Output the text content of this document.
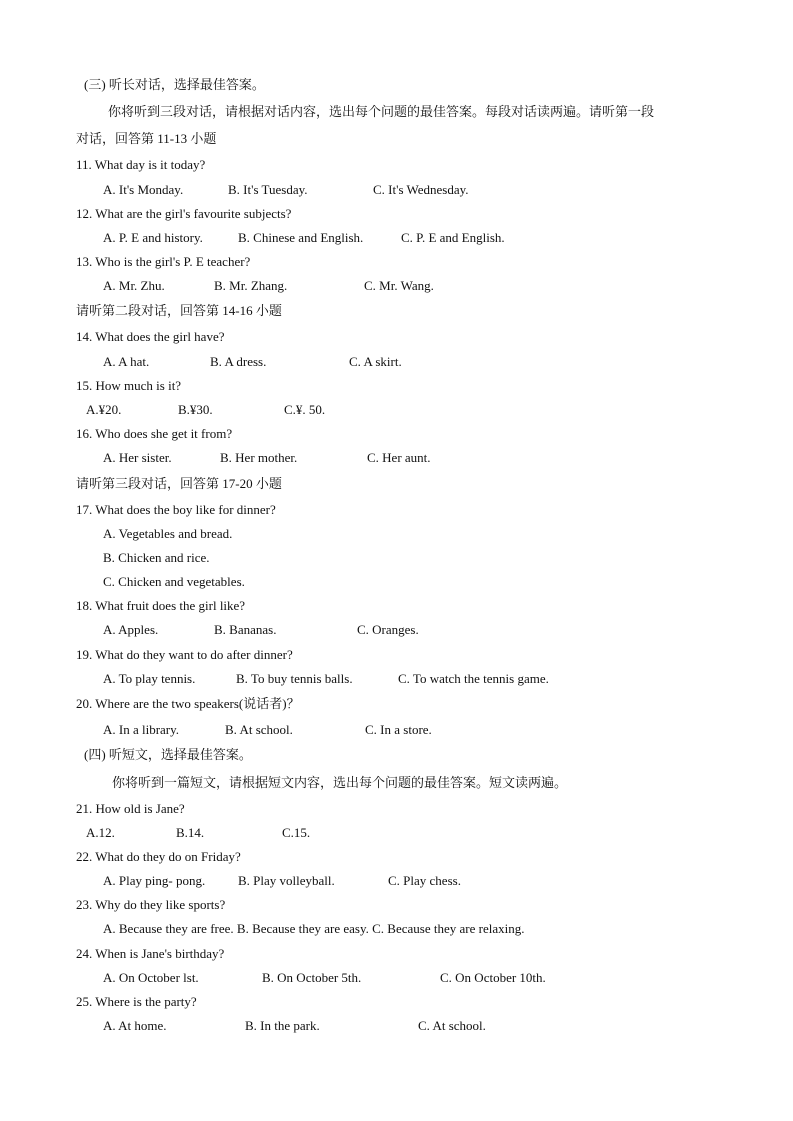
(三) 听长对话，选择最佳答案。
你将听到三段对话，请根据对话内容，选出每个问题的最佳答案。每段对话读两遍。请听第一段
对话，回答第 11-13 小题
11. What day is it today?
A. It's Monday.	B. It's Tuesday.	C. It's Wednesday.
12. What are the girl's favourite subjects?
A. P. E and history.	B. Chinese and English.	C. P. E and English.
13. Who is the girl's P. E teacher?
A. Mr. Zhu.	B. Mr. Zhang.	C. Mr. Wang.
请听第二段对话，回答第 14-16 小题
14. What does the girl have?
A. A hat.	B. A dress.	C. A skirt.
15. How much is it?
A.¥20.	B.¥30.	C.¥. 50.
16. Who does she get it from?
A. Her sister.	B. Her mother.	C. Her aunt.
请听第三段对话，回答第 17-20 小题
17. What does the boy like for dinner?
A. Vegetables and bread.
B. Chicken and rice.
C. Chicken and vegetables.
18. What fruit does the girl like?
A. Apples.	B. Bananas.	C. Oranges.
19. What do they want to do after dinner?
A. To play tennis.	B. To buy tennis balls.	C. To watch the tennis game.
20. Where are the two speakers(说话者)？
A. In a library.	B. At school.	C. In a store.
(四) 听短文，选择最佳答案。
你将听到一篇短文，请根据短文内容，选出每个问题的最佳答案。短文读两遍。
21. How old is Jane?
A.12.	B.14.	C.15.
22. What do they do on Friday?
A. Play ping- pong.	B. Play volleyball.	C. Play chess.
23. Why do they like sports?
A. Because they are free. B. Because they are easy. C. Because they are relaxing.
24. When is Jane's birthday?
A. On October lst.	B. On October 5th.	C. On October 10th.
25. Where is the party?
A. At home.	B. In the park.	C. At school.
